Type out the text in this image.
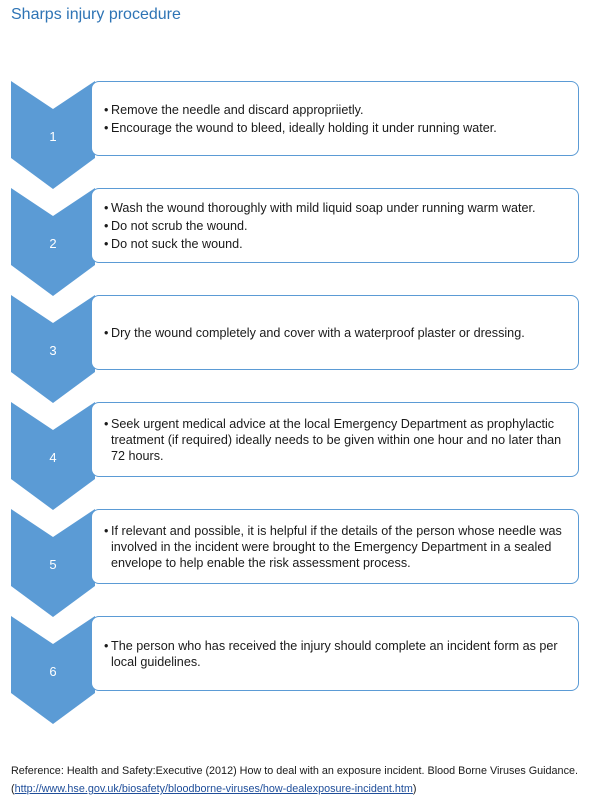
Sharps injury procedure
1
• Remove the needle and discard appropriietly.
• Encourage the wound to bleed, ideally holding it under running water.
2
• Wash the wound thoroughly with mild liquid soap under running warm water.
• Do not scrub the wound.
• Do not suck the wound.
3
• Dry the wound completely and cover with a waterproof plaster or dressing.
4
• Seek urgent medical advice at the local Emergency Department as prophylactic treatment (if required) ideally needs to be given within one hour and no later than 72 hours.
5
• If relevant and possible, it is helpful if the details of the person whose needle was involved in the incident were brought to the Emergency Department in a sealed envelope to help enable the risk assessment process.
6
• The person who has received the injury should complete an incident form as per local guidelines.
Reference: Health and Safety:Executive (2012) How to deal with an exposure incident. Blood Borne Viruses Guidance.
(http://www.hse.gov.uk/biosafety/bloodborne-viruses/how-dealexposure-incident.htm)
